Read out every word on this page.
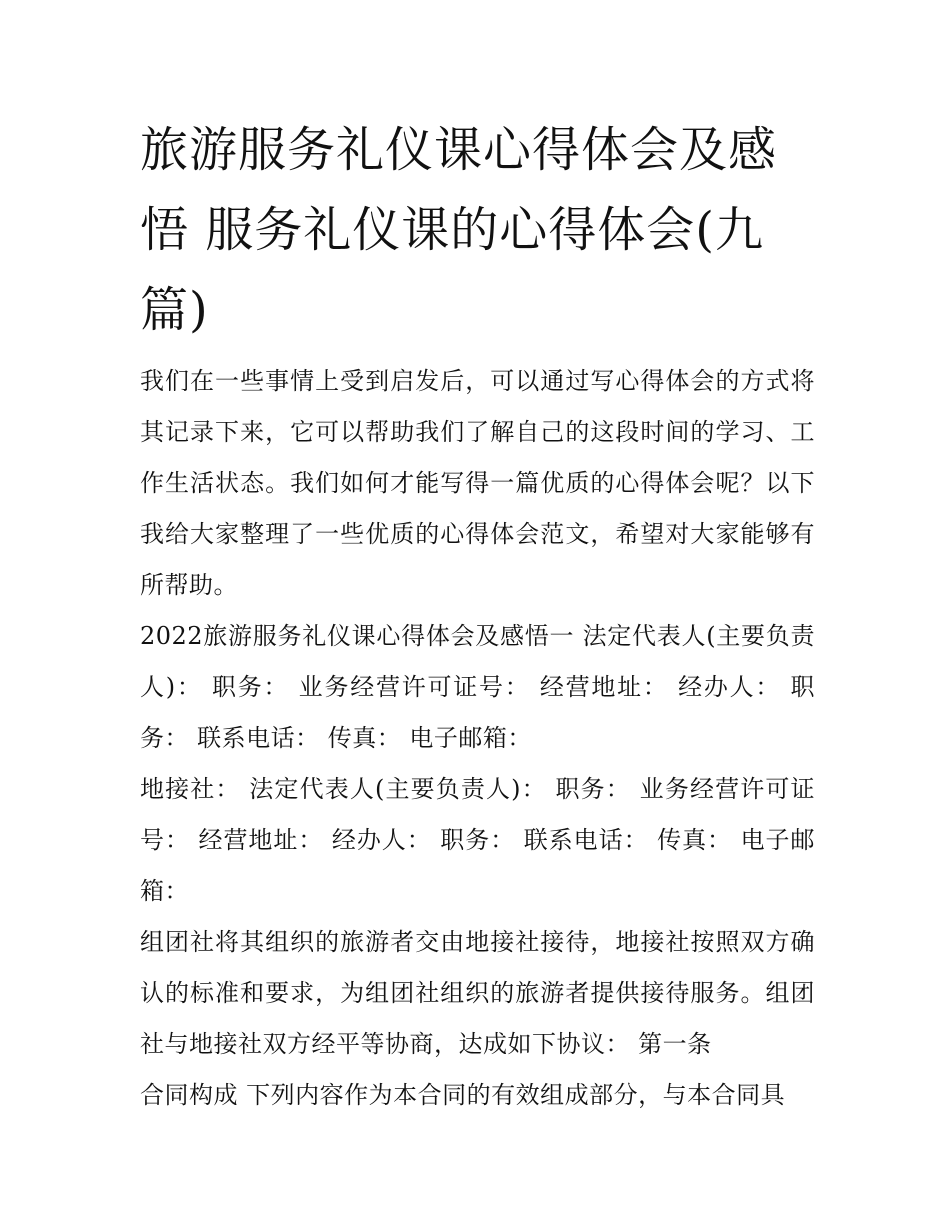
旅游服务礼仪课心得体会及感悟 服务礼仪课的心得体会(九篇)

我们在一些事情上受到启发后，可以通过写心得体会的方式将其记录下来，它可以帮助我们了解自己的这段时间的学习、工作生活状态。我们如何才能写得一篇优质的心得体会呢？以下我给大家整理了一些优质的心得体会范文，希望对大家能够有所帮助。

2022旅游服务礼仪课心得体会及感悟一 法定代表人(主要负责人)： 职务： 业务经营许可证号： 经营地址： 经办人： 职务： 联系电话： 传真： 电子邮箱：

地接社： 法定代表人(主要负责人)： 职务： 业务经营许可证号： 经营地址： 经办人： 职务： 联系电话： 传真： 电子邮箱：

组团社将其组织的旅游者交由地接社接待，地接社按照双方确认的标准和要求，为组团社组织的旅游者提供接待服务。组团社与地接社双方经平等协商，达成如下协议： 第一条

合同构成 下列内容作为本合同的有效组成部分，与本合同具
